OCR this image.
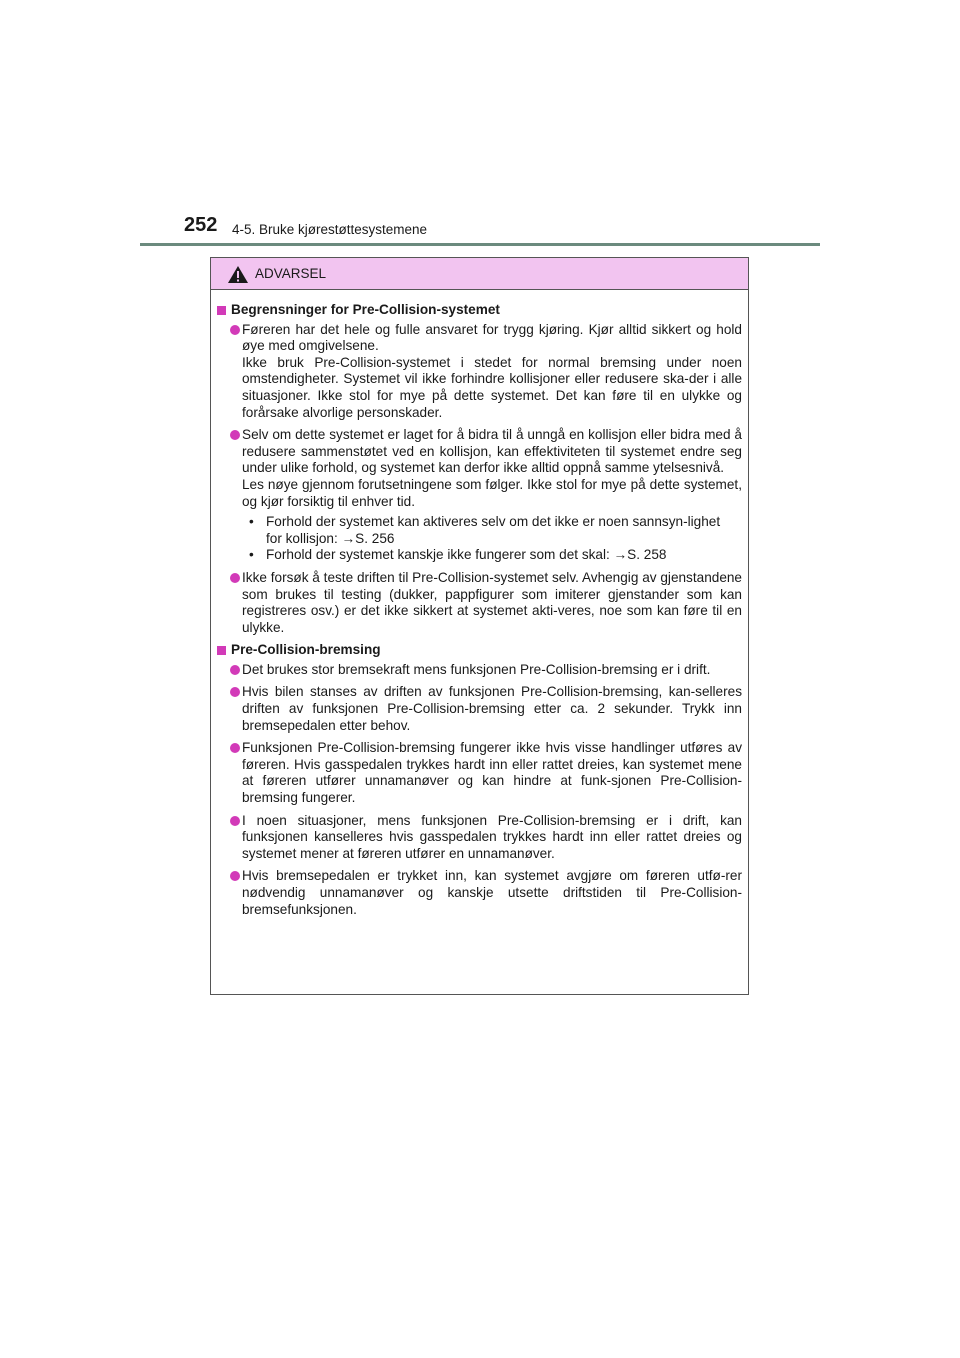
252 4-5. Bruke kjørestøttesystemene
ADVARSEL
Begrensninger for Pre-Collision-systemet
Føreren har det hele og fulle ansvaret for trygg kjøring. Kjør alltid sikkert og hold øye med omgivelsene.
Ikke bruk Pre-Collision-systemet i stedet for normal bremsing under noen omstendigheter. Systemet vil ikke forhindre kollisjoner eller redusere ska-der i alle situasjoner. Ikke stol for mye på dette systemet. Det kan føre til en ulykke og forårsake alvorlige personskader.
Selv om dette systemet er laget for å bidra til å unngå en kollisjon eller bidra med å redusere sammenstøtet ved en kollisjon, kan effektiviteten til systemet endre seg under ulike forhold, og systemet kan derfor ikke alltid oppnå samme ytelsesnivå.
Les nøye gjennom forutsetningene som følger. Ikke stol for mye på dette systemet, og kjør forsiktig til enhver tid.
• Forhold der systemet kan aktiveres selv om det ikke er noen sannsyn-lighet for kollisjon: →S. 256
• Forhold der systemet kanskje ikke fungerer som det skal: →S. 258
Ikke forsøk å teste driften til Pre-Collision-systemet selv. Avhengig av gjenstandene som brukes til testing (dukker, pappfigurer som imiterer gjenstander som kan registreres osv.) er det ikke sikkert at systemet akti-veres, noe som kan føre til en ulykke.
Pre-Collision-bremsing
Det brukes stor bremsekraft mens funksjonen Pre-Collision-bremsing er i drift.
Hvis bilen stanses av driften av funksjonen Pre-Collision-bremsing, kan-selleres driften av funksjonen Pre-Collision-bremsing etter ca. 2 sekunder. Trykk inn bremsepedalen etter behov.
Funksjonen Pre-Collision-bremsing fungerer ikke hvis visse handlinger utføres av føreren. Hvis gasspedalen trykkes hardt inn eller rattet dreies, kan systemet mene at føreren utfører unnamanøver og kan hindre at funk-sjonen Pre-Collision-bremsing fungerer.
I noen situasjoner, mens funksjonen Pre-Collision-bremsing er i drift, kan funksjonen kanselleres hvis gasspedalen trykkes hardt inn eller rattet dreies og systemet mener at føreren utfører en unnamanøver.
Hvis bremsepedalen er trykket inn, kan systemet avgjøre om føreren utfø-rer nødvendig unnamanøver og kanskje utsette driftstiden til Pre-Collision-bremsefunksjonen.
